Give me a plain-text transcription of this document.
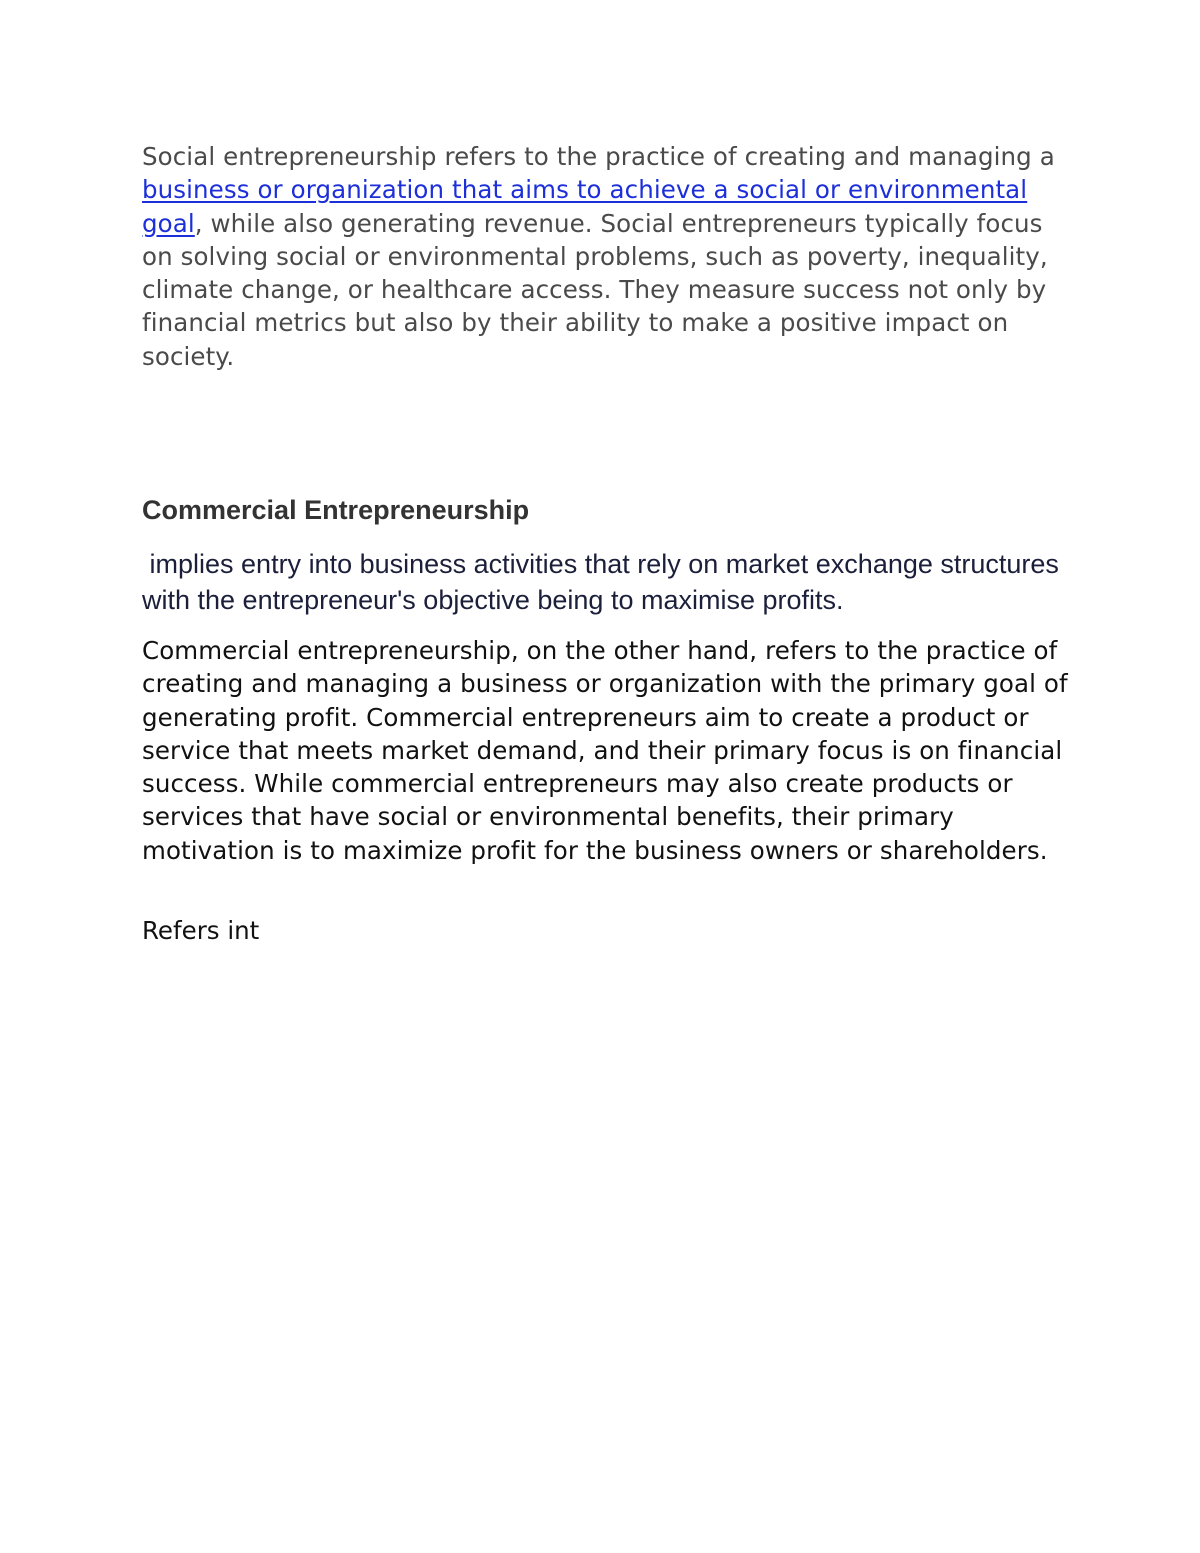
Social entrepreneurship refers to the practice of creating and managing a business or organization that aims to achieve a social or environmental goal, while also generating revenue. Social entrepreneurs typically focus on solving social or environmental problems, such as poverty, inequality, climate change, or healthcare access. They measure success not only by financial metrics but also by their ability to make a positive impact on society.

Commercial Entrepreneurship

implies entry into business activities that rely on market exchange structures with the entrepreneur's objective being to maximise profits.

Commercial entrepreneurship, on the other hand, refers to the practice of creating and managing a business or organization with the primary goal of generating profit. Commercial entrepreneurs aim to create a product or service that meets market demand, and their primary focus is on financial success. While commercial entrepreneurs may also create products or services that have social or environmental benefits, their primary motivation is to maximize profit for the business owners or shareholders.

Refers int
